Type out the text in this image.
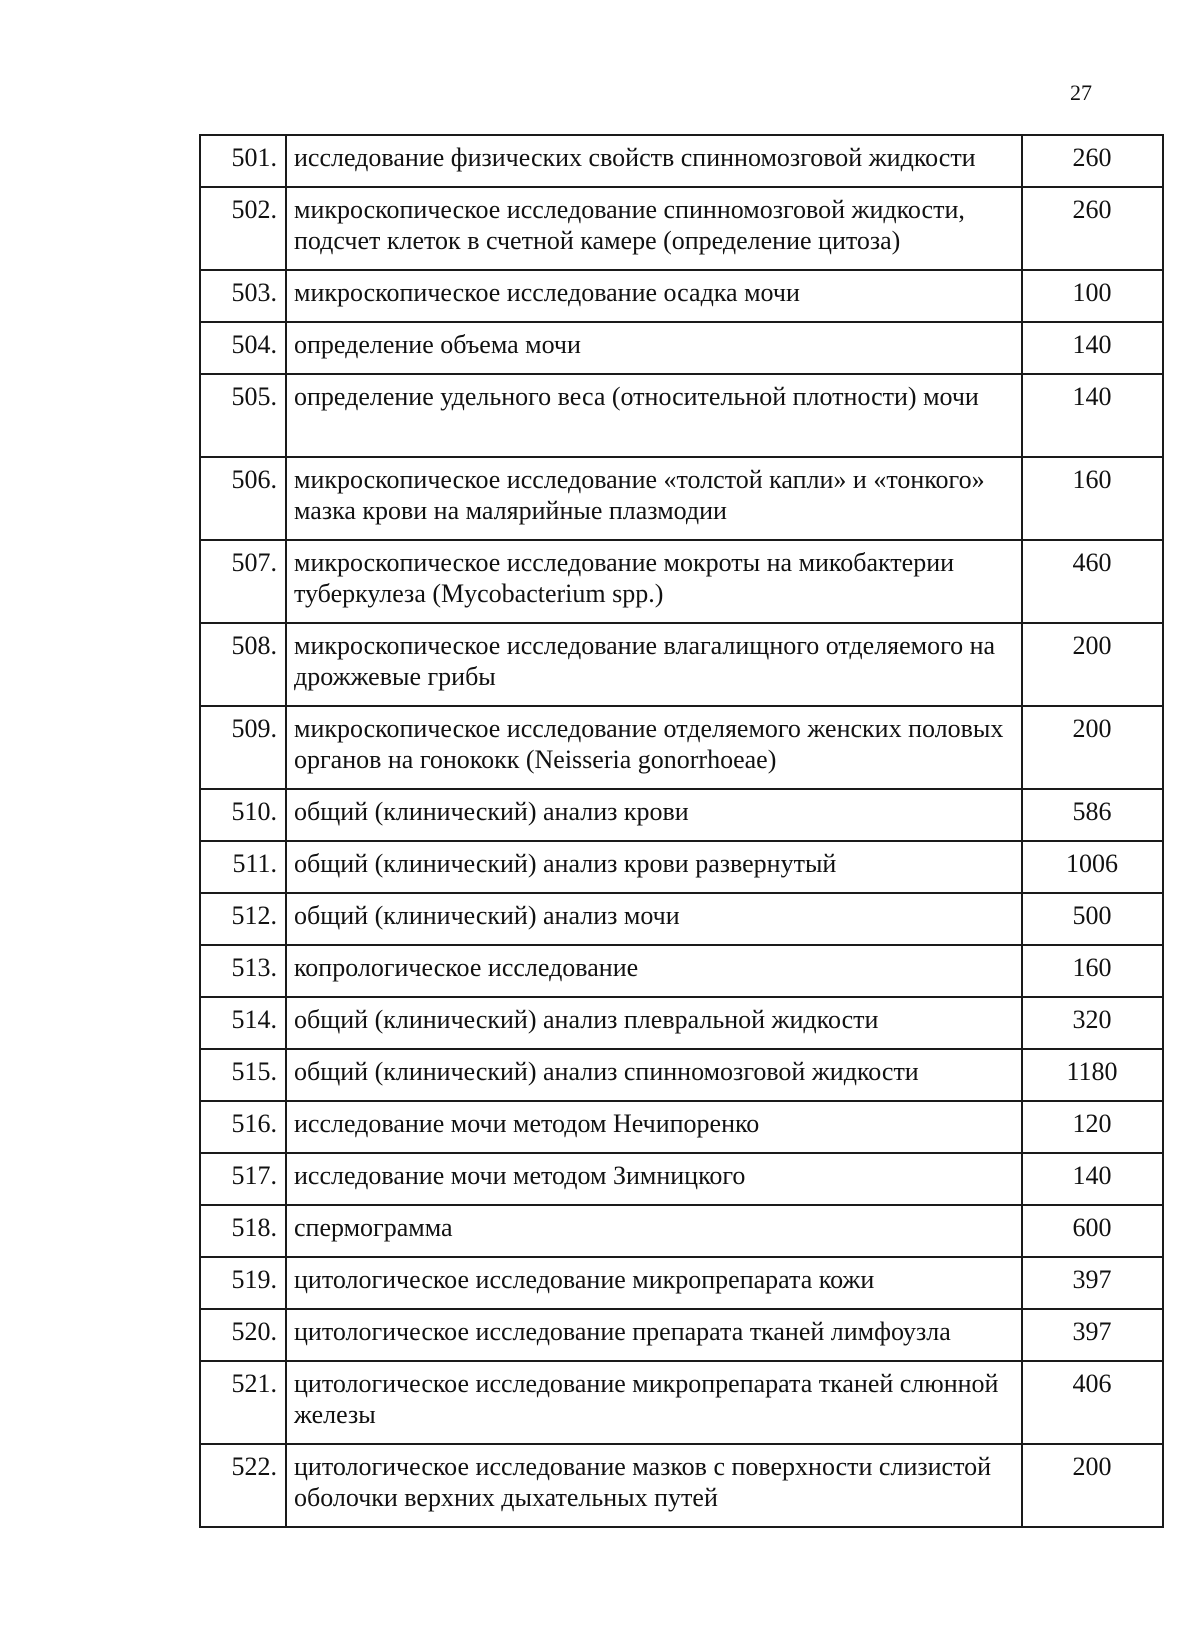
27
501.	исследование физических свойств спинномозговой жидкости	260
502.	микроскопическое исследование спинномозговой жидкости, подсчет клеток в счетной камере (определение цитоза)	260
503.	микроскопическое исследование осадка мочи	100
504.	определение объема мочи	140
505.	определение удельного веса (относительной плотности) мочи	140
506.	микроскопическое исследование «толстой капли» и «тонкого» мазка крови на малярийные плазмодии	160
507.	микроскопическое исследование мокроты на микобактерии туберкулеза (Mycobacterium spp.)	460
508.	микроскопическое исследование влагалищного отделяемого на дрожжевые грибы	200
509.	микроскопическое исследование отделяемого женских половых органов на гонококк (Neisseria gonorrhoeae)	200
510.	общий (клинический) анализ крови	586
511.	общий (клинический) анализ крови развернутый	1006
512.	общий (клинический) анализ мочи	500
513.	копрологическое исследование	160
514.	общий (клинический) анализ плевральной жидкости	320
515.	общий (клинический) анализ спинномозговой жидкости	1180
516.	исследование мочи методом Нечипоренко	120
517.	исследование мочи методом Зимницкого	140
518.	спермограмма	600
519.	цитологическое исследование микропрепарата кожи	397
520.	цитологическое исследование препарата тканей лимфоузла	397
521.	цитологическое исследование микропрепарата тканей слюнной железы	406
522.	цитологическое исследование мазков с поверхности слизистой оболочки верхних дыхательных путей	200
